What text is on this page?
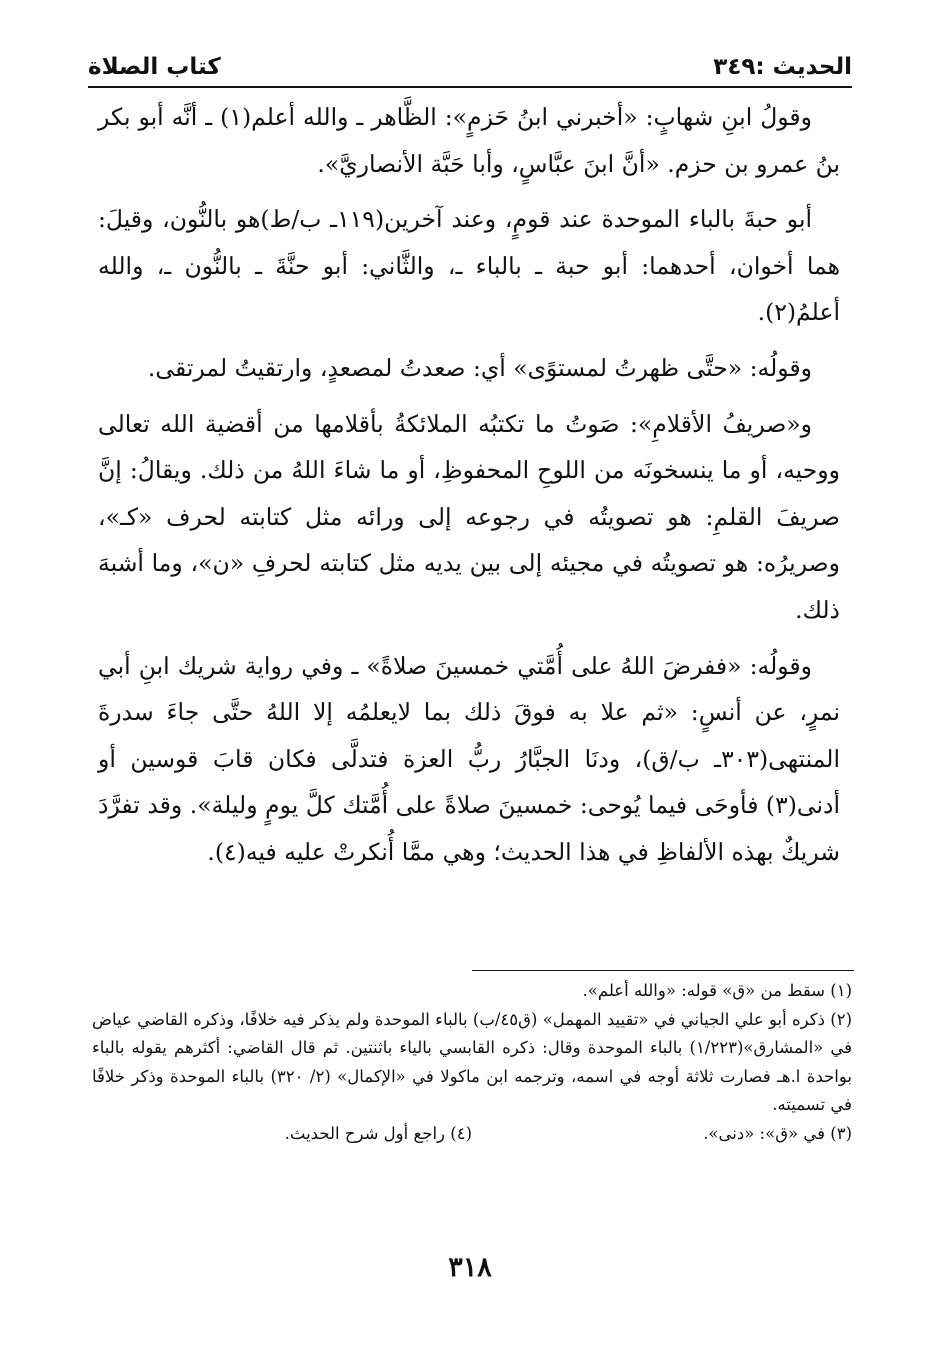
الحديث :٣٤٩
كتاب الصلاة

وقولُ ابنِ شهابٍ: «أخبرني ابنُ حَزمٍ»: الظَّاهر ـ والله أعلم(١) ـ أنَّه أبو بكر بنُ عمرو بن حزم. «أنَّ ابنَ عبَّاسٍ، وأبا حَبَّة الأنصاريَّ».

أبو حبةَ بالباء الموحدة عند قومٍ، وعند آخرين(١١٩ـ ب/ط)هو بالنُّون، وقيلَ: هما أخوان، أحدهما: أبو حبة ـ بالباء ـ، والثَّاني: أبو حنَّةَ ـ بالنُّون ـ، والله أعلمُ(٢).

وقولُه: «حتَّى ظهرتُ لمستوًى» أي: صعدتُ لمصعدٍ، وارتقيتُ لمرتقى.

و«صريفُ الأقلامِ»: صَوتُ ما تكتبُه الملائكةُ بأقلامها من أقضية الله تعالى ووحيه، أو ما ينسخونَه من اللوحِ المحفوظِ، أو ما شاءَ اللهُ من ذلك. ويقالُ: إنَّ صريفَ القلمِ: هو تصويتُه في رجوعه إلى ورائه مثل كتابته لحرف «كـ»، وصريرُه: هو تصويتُه في مجيئه إلى بين يديه مثل كتابته لحرفِ «ن»، وما أشبهَ ذلك.

وقولُه: «ففرضَ اللهُ على أُمَّتي خمسينَ صلاةً» ـ وفي رواية شريك ابنِ أبي نمرٍ، عن أنسٍ: «ثم علا به فوقَ ذلك بما لايعلمُه إلا اللهُ حتَّى جاءَ سدرةَ المنتهى(٣٠٣ـ ب/ق)، ودنَا الجبَّارُ ربُّ العزة فتدلَّى فكان قابَ قوسين أو أدنى(٣) فأوحَى فيما يُوحى: خمسينَ صلاةً على أُمَّتك كلَّ يومٍ وليلة». وقد تفرَّدَ شريكٌ بهذه الألفاظِ في هذا الحديث؛ وهي ممَّا أُنكرتْ عليه فيه(٤).

(١) سقط من «ق» قوله: «والله أعلم».

(٢) ذكره أبو علي الجياني في «تقييد المهمل» (ق٤٥/ب) بالباء الموحدة ولم يذكر فيه خلافًا، وذكره القاضي عياض في «المشارق»(١/٢٢٣) بالباء الموحدة وقال: ذكره القابسي بالياء باثنتين. ثم قال القاضي: أكثرهم يقوله بالباء بواحدة ا.هـ فصارت ثلاثة أوجه في اسمه، وترجمه ابن ماكولا في «الإكمال» (٢/ ٣٢٠) بالباء الموحدة وذكر خلافًا في تسميته.

(٣) في «ق»: «دنى».

(٤) راجع أول شرح الحديث.

٣١٨
